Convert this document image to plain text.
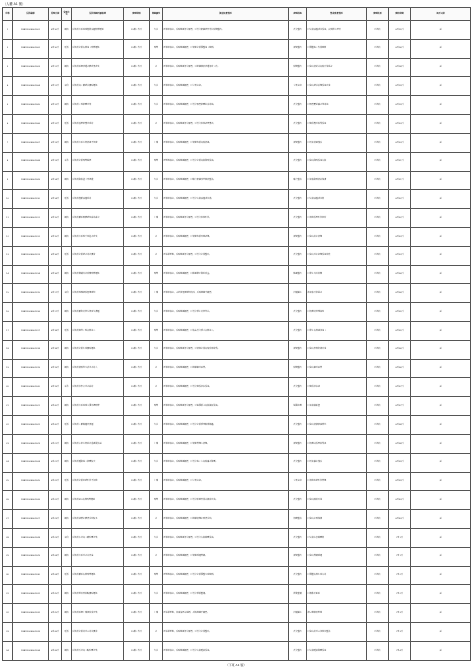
（人權 A1 號）
序號	信訪編號	受理日期	受理方式	信訪問題所屬領域	辦理時限	問題屬性	調查核實情況	處理措施	整改落實情況	辦理結果	辦結時間	是否公開
1	D3BX2024061001	6月10日	網絡	反映某小區周邊餐飲油煙噪聲擾民	15個工作日	大氣	經現場核查，反映問題部分屬實，已責令相關經營單位限期整改。	責令整改	已安裝油煙凈化設施，夜間停止經營	已辦結	6月15日	是
2	D3BX2024061002	6月10日	電話	反映某企業夜間施工噪聲擾民	15個工作日	噪聲	經現場核查，反映問題屬實，已督促企業調整施工時間。	督促整改	已調整施工作業時間	已辦結	6月16日	是
3	D3BX2024061003	6月11日	網絡	反映某區域河道水體發黑發臭	15個工作日	水	經現場核查，反映問題部分屬實，已組織開展河道清淤工作。	限期整改	已完成清淤并加強日常巡查	已辦結	6月18日	是
4	D3BX2024061004	6月11日	來信	反映某加工廠廢氣異味擾民	15個工作日	大氣	經現場核查，反映問題屬實，已立案查處。	立案查處	已完成廢氣治理設施改造	已辦結	6月19日	是
5	D3BX2024061005	6月12日	網絡	反映某工地揚塵污染	15個工作日	大氣	經現場核查，反映問題屬實，已責令落實揚塵防治措施。	責令整改	已落實覆蓋灑水等措施	已辦結	6月19日	是
6	D3BX2024061006	6月12日	電話	反映某養殖場糞污直排	15個工作日	水	經現場核查，反映問題部分屬實，已責令規范處置糞污。	責令整改	已建設糞污收集設施	已辦結	6月20日	是
7	D3BX2024061007	6月13日	網絡	反映某小區垃圾清運不及時	15個工作日	土壤	經現場核查，反映問題屬實，已督促物業加強清運。	督促整改	已增加清運頻次	已辦結	6月20日	是
8	D3BX2024061008	6月13日	來訪	反映某企業噪聲超標	15個工作日	噪聲	經監測核查，反映問題屬實，已責令企業加裝降噪設施。	責令整改	已完成降噪設施安裝	已辦結	6月21日	是
9	D3BX2024061009	6月14日	網絡	反映某路段渣土車遺撒	15個工作日	大氣	經現場核查，反映問題屬實，已聯合相關部門開展整治。	聯合整治	已加強路面清掃保潔	已辦結	6月21日	是
10	D3BX2024061010	6月14日	電話	反映某餐館油煙直排	15個工作日	大氣	經現場核查，反映問題屬實，已責令安裝油煙凈化器。	責令整改	已安裝油煙凈化器	已辦結	6月22日	是
11	D3BX2024061011	6月15日	網絡	反映某廠區固體廢物亂堆亂放	15個工作日	土壤	經現場核查，反映問題部分屬實，已責令規范貯存。	責令整改	已規范設置貯存場所	已辦結	6月22日	是
12	D3BX2024061012	6月15日	網絡	反映某小區地下室積水發臭	15個工作日	水	經現場核查，反映問題屬實，已督促物業及時處理。	督促整改	已完成排水清理	已辦結	6月23日	是
13	D3BX2024061013	6月16日	電話	反映某企業廢水排放異常	15個工作日	水	經采樣監測，反映問題部分屬實，已責令企業整改。	責令整改	已完成污水處理設施維護	已辦結	6月23日	是
14	D3BX2024061014	6月16日	網絡	反映某商鋪外放音響噪聲擾民	15個工作日	噪聲	經現場核查，反映問題屬實，已勸導商戶降低音量。	勸導整改	已停止外放音響	已辦結	6月24日	是
15	D3BX2024061015	6月17日	來信	反映某地塊疑似填埋廢物	15個工作日	土壤	經現場核查，未發現填埋廢物情況，反映問題不屬實。	持續關注	將加強日常巡查	已辦結	6月24日	是
16	D3BX2024061016	6月17日	網絡	反映某廠房焚燒垃圾產生濃煙	15個工作日	大氣	經現場核查，反映問題屬實，已責令停止焚燒行為。	責令整改	已清理焚燒殘留物	已辦結	6月25日	是
17	D3BX2024061017	6月18日	電話	反映某建筑工地夜間施工	15個工作日	噪聲	經現場核查，反映問題屬實，已依法責令停止夜間施工。	責令整改	已停止夜間違規施工	已辦結	6月25日	是
18	D3BX2024061018	6月18日	網絡	反映某企業生產異味擾民	15個工作日	大氣	經現場核查，反映問題部分屬實，已督促企業加強密閉收集。	督促整改	已完成車間密閉改造	已辦結	6月26日	是
19	D3BX2024061019	6月19日	網絡	反映某溝渠有生活污水排入	15個工作日	水	經現場核查，反映問題屬實，已組織截污納管。	限期整改	已完成截污納管	已辦結	6月26日	是
20	D3BX2024061020	6月19日	來訪	反映某洗車店污水亂排	15個工作日	水	經現場核查，反映問題屬實，已責令建設沉淀設施。	責令整改	已建設沉淀池	已辦結	6月27日	是
21	D3BX2024061021	6月20日	網絡	反映某小區周邊空調外機噪聲	15個工作日	噪聲	經現場核查，反映問題部分屬實，已協調業主加裝減振設施。	協調處理	已加裝減振墊	已辦結	6月27日	是
22	D3BX2024061022	6月20日	電話	反映某工廠鍋爐冒黑煙	15個工作日	大氣	經現場核查，反映問題屬實，已責令企業停用燃煤鍋爐。	責令整改	已完成清潔能源替代	已辦結	6月28日	是
23	D3BX2024061023	6月21日	網絡	反映某市場垃圾堆放滲濾液外溢	15個工作日	土壤	經現場核查，反映問題屬實，已督促管理方清理。	督促整改	已清理并設置收集池	已辦結	6月28日	是
24	D3BX2024061024	6月21日	網絡	反映某道路施工揚塵較大	15個工作日	大氣	經現場核查，反映問題屬實，已責令施工方加強灑水降塵。	責令整改	已增加灑水頻次	已辦結	6月29日	是
25	D3BX2024061025	6月22日	電話	反映某企業危廢貯存不規范	15個工作日	土壤	經現場核查，反映問題屬實，已立案查處。	立案查處	已規范危廢貯存管理	已辦結	6月29日	是
26	D3BX2024061026	6月22日	網絡	反映某KTV夜間噪聲擾民	15個工作日	噪聲	經現場核查，反映問題屬實，已責令限時營業并隔音改造。	責令整改	已完成隔音改造	已辦結	6月30日	是
27	D3BX2024061027	6月23日	網絡	反映某池塘水體漂浮物較多	15個工作日	水	經現場核查，反映問題屬實，已組織清理水面漂浮物。	清理整治	已完成水面保潔	已辦結	6月30日	是
28	D3BX2024061028	6月23日	來信	反映某木材加工廠粉塵污染	15個工作日	大氣	經現場核查，反映問題部分屬實，已責令安裝除塵設施。	責令整改	已安裝布袋除塵器	已辦結	7月1日	是
29	D3BX2024061029	6月24日	網絡	反映某小區污水井冒溢	15個工作日	水	經現場核查，反映問題屬實，已督促疏通管網。	督促整改	已完成管網疏通	已辦結	7月1日	是
30	D3BX2024061030	6月24日	電話	反映某廠區夜間噪聲擾民	15個工作日	噪聲	經監測核查，反映問題屬實，已責令企業調整生產時間。	責令整改	已調整夜間生產安排	已辦結	7月2日	是
31	D3BX2024061031	6月25日	網絡	反映某塑料回收點異味擾民	15個工作日	大氣	經現場核查，反映問題屬實，已責令停業整頓。	停業整頓	已搬離居民區	已辦結	7月2日	是
32	D3BX2024061032	6月25日	網絡	反映某區域土壤疑似受污染	15個工作日	土壤	經采樣監測，各項指標未超標，反映問題不屬實。	持續關注	將定期開展監測	已辦結	7月3日	是
33	D3BX2024061033	6月26日	電話	反映某企業排污口排放異常	15個工作日	水	經采樣監測，反映問題部分屬實，已責令企業整改。	責令整改	已完成排污口規范化整治	已辦結	7月3日	是
34	D3BX2024061034	6月26日	網絡	反映某石材加工點粉塵污染	15個工作日	大氣	經現場核查，反映問題屬實，已責令安裝噴淋設施。	責令整改	已安裝噴淋降塵設施	已辦結	7月4日	是
（下頁 A1 號）
